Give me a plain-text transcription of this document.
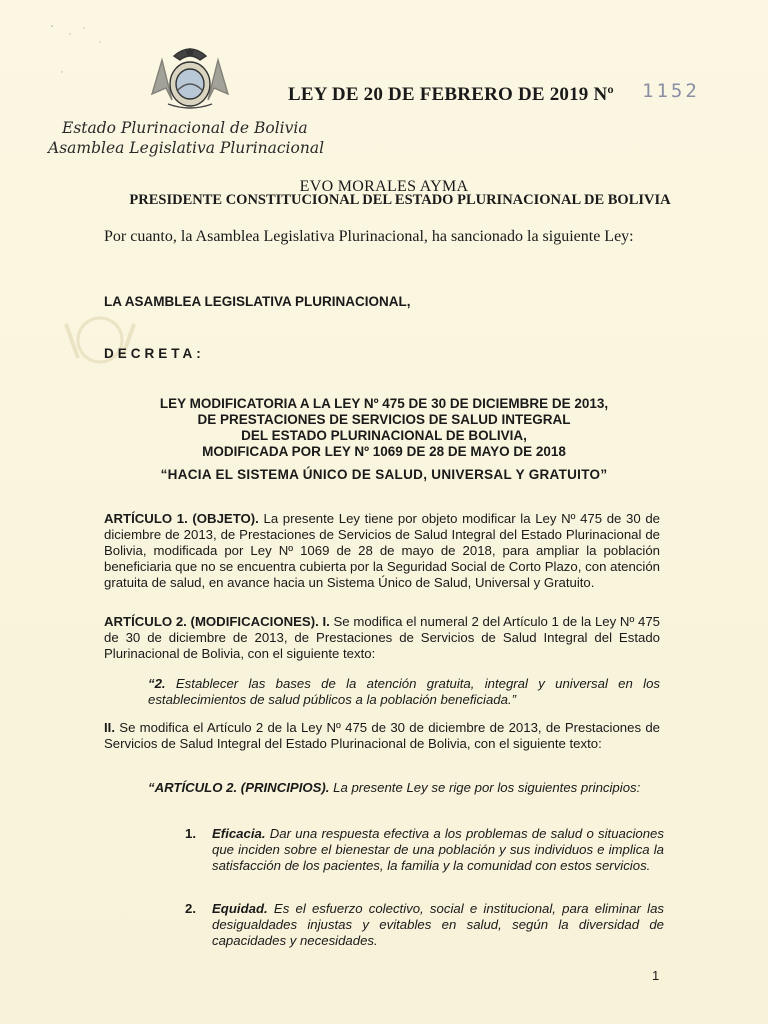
LEY DE 20 DE FEBRERO DE 2019 Nº 1152
Estado Plurinacional de Bolivia
Asamblea Legislativa Plurinacional
EVO MORALES AYMA
PRESIDENTE CONSTITUCIONAL DEL ESTADO PLURINACIONAL DE BOLIVIA
Por cuanto, la Asamblea Legislativa Plurinacional, ha sancionado la siguiente Ley:
LA ASAMBLEA LEGISLATIVA PLURINACIONAL,
DECRETA:
LEY MODIFICATORIA A LA LEY Nº 475 DE 30 DE DICIEMBRE DE 2013,
DE PRESTACIONES DE SERVICIOS DE SALUD INTEGRAL
DEL ESTADO PLURINACIONAL DE BOLIVIA,
MODIFICADA POR LEY Nº 1069 DE 28 DE MAYO DE 2018
“HACIA EL SISTEMA ÚNICO DE SALUD, UNIVERSAL Y GRATUITO”
ARTÍCULO 1. (OBJETO). La presente Ley tiene por objeto modificar la Ley Nº 475 de 30 de diciembre de 2013, de Prestaciones de Servicios de Salud Integral del Estado Plurinacional de Bolivia, modificada por Ley Nº 1069 de 28 de mayo de 2018, para ampliar la población beneficiaria que no se encuentra cubierta por la Seguridad Social de Corto Plazo, con atención gratuita de salud, en avance hacia un Sistema Único de Salud, Universal y Gratuito.
ARTÍCULO 2. (MODIFICACIONES). I. Se modifica el numeral 2 del Artículo 1 de la Ley Nº 475 de 30 de diciembre de 2013, de Prestaciones de Servicios de Salud Integral del Estado Plurinacional de Bolivia, con el siguiente texto:
“2. Establecer las bases de la atención gratuita, integral y universal en los establecimientos de salud públicos a la población beneficiada.”
II. Se modifica el Artículo 2 de la Ley Nº 475 de 30 de diciembre de 2013, de Prestaciones de Servicios de Salud Integral del Estado Plurinacional de Bolivia, con el siguiente texto:
“ARTÍCULO 2. (PRINCIPIOS). La presente Ley se rige por los siguientes principios:
1. Eficacia. Dar una respuesta efectiva a los problemas de salud o situaciones que inciden sobre el bienestar de una población y sus individuos e implica la satisfacción de los pacientes, la familia y la comunidad con estos servicios.
2. Equidad. Es el esfuerzo colectivo, social e institucional, para eliminar las desigualdades injustas y evitables en salud, según la diversidad de capacidades y necesidades.
1
